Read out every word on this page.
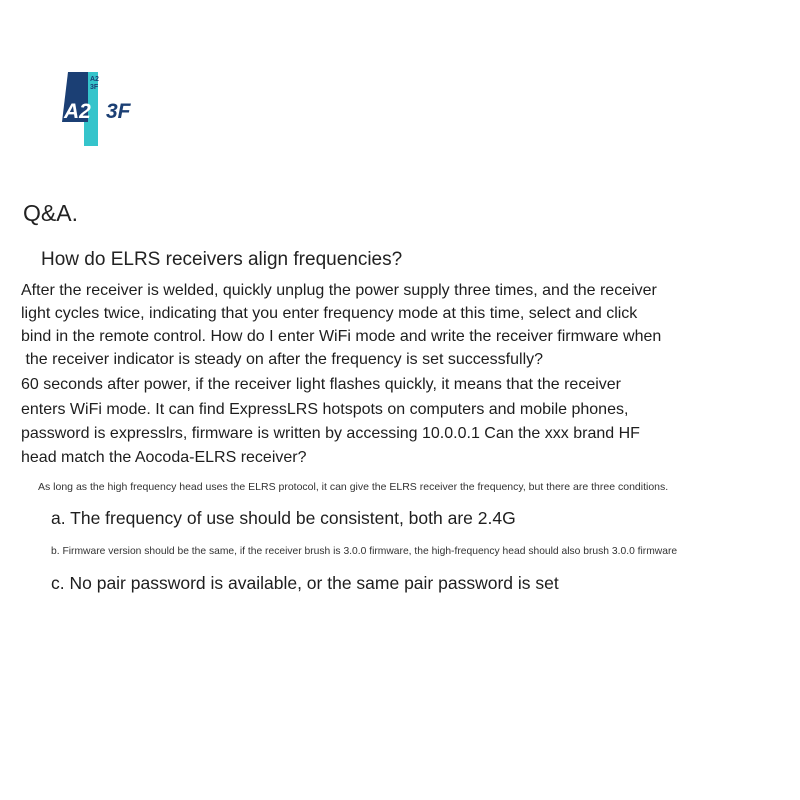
A2
3F
A2 3F
Q&A.
How do ELRS receivers align frequencies?
After the receiver is welded, quickly unplug the power supply three times, and the receiver
light cycles twice, indicating that you enter frequency mode at this time, select and click
bind in the remote control. How do I enter WiFi mode and write the receiver firmware when
the receiver indicator is steady on after the frequency is set successfully?
60 seconds after power, if the receiver light flashes quickly, it means that the receiver
enters WiFi mode. It can find ExpressLRS hotspots on computers and mobile phones,
password is expresslrs, firmware is written by accessing 10.0.0.1 Can the xxx brand HF
head match the Aocoda-ELRS receiver?
As long as the high frequency head uses the ELRS protocol, it can give the ELRS receiver the frequency, but there are three conditions.
a. The frequency of use should be consistent, both are 2.4G
b. Firmware version should be the same, if the receiver brush is 3.0.0 firmware, the high-frequency head should also brush 3.0.0 firmware
c. No pair password is available, or the same pair password is set
